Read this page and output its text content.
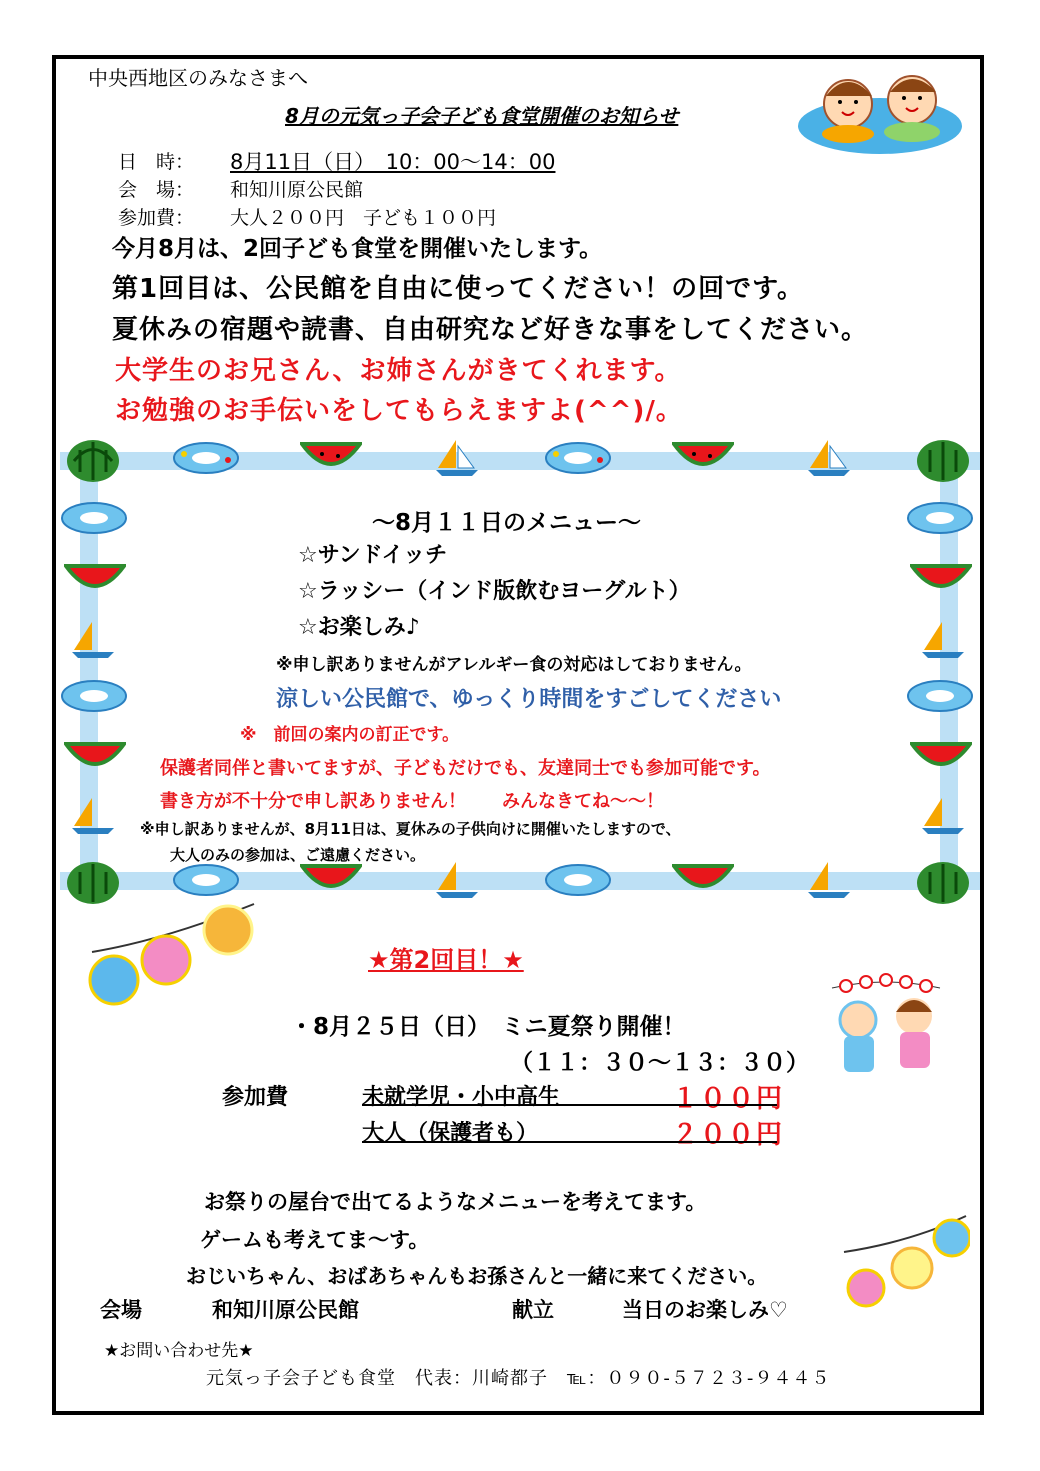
中央西地区のみなさまへ
8月の元気っ子会子ども食堂開催のお知らせ
日　時： 8月11日（日）　10：00～14：00
会　場： 和知川原公民館
参加費： 大人２００円　子ども１００円
今月8月は、2回子ども食堂を開催いたします。
第1回目は、公民館を自由に使ってください！の回です。
夏休みの宿題や読書、自由研究など好きな事をしてください。
大学生のお兄さん、お姉さんがきてくれます。
お勉強のお手伝いをしてもらえますよ(^^)/。
～8月１１日のメニュー～
☆サンドイッチ
☆ラッシー（インド版飲むヨーグルト）
☆お楽しみ♪
※申し訳ありませんがアレルギー食の対応はしておりません。
涼しい公民館で、ゆっくり時間をすごしてください
※　前回の案内の訂正です。
保護者同伴と書いてますが、子どもだけでも、友達同士でも参加可能です。
書き方が不十分で申し訳ありません！　　みんなきてね～～！
※申し訳ありませんが、8月11日は、夏休みの子供向けに開催いたしますので、
大人のみの参加は、ご遠慮ください。
★第2回目！★
・8月２５日（日）　ミニ夏祭り開催！
（１１：３０～１３：３０）
参加費	未就学児・小中高生	１００円
大人（保護者も）	２００円
お祭りの屋台で出てるようなメニューを考えてます。
ゲームも考えてま～す。
おじいちゃん、おばあちゃんもお孫さんと一緒に来てください。
会場	和知川原公民館	献立	当日のお楽しみ♡
★お問い合わせ先★
元気っ子会子ども食堂　代表：川崎都子　℡：０９０-５７２３-９４４５
